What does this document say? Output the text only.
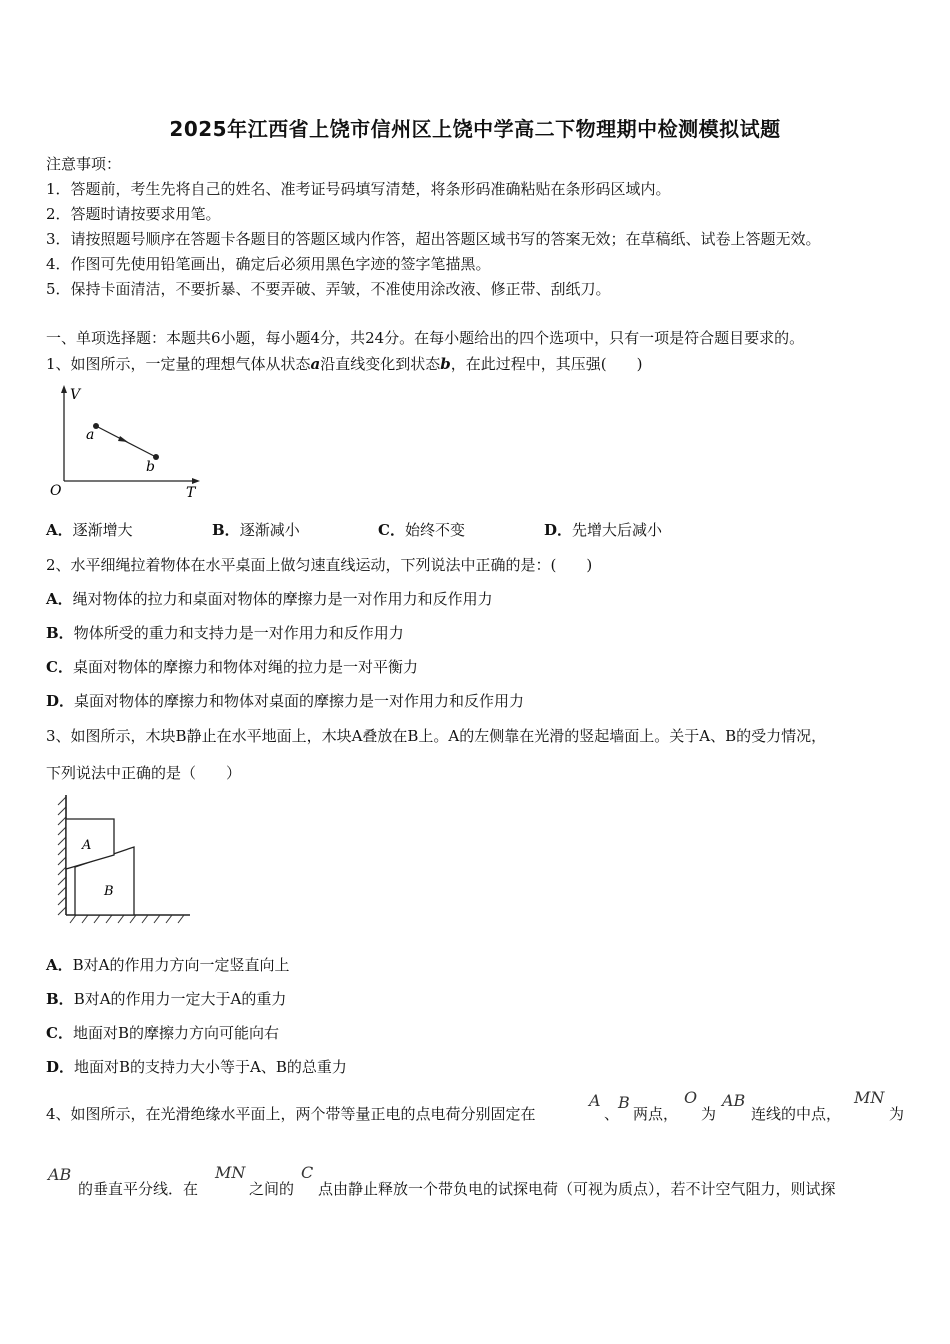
2025年江西省上饶市信州区上饶中学高二下物理期中检测模拟试题
注意事项：
1．答题前，考生先将自己的姓名、准考证号码填写清楚，将条形码准确粘贴在条形码区域内。
2．答题时请按要求用笔。
3．请按照题号顺序在答题卡各题目的答题区域内作答，超出答题区域书写的答案无效；在草稿纸、试卷上答题无效。
4．作图可先使用铅笔画出，确定后必须用黑色字迹的签字笔描黑。
5．保持卡面清洁，不要折暴、不要弄破、弄皱，不准使用涂改液、修正带、刮纸刀。
一、单项选择题：本题共6小题，每小题4分，共24分。在每小题给出的四个选项中，只有一项是符合题目要求的。
1、如图所示，一定量的理想气体从状态a沿直线变化到状态b，在此过程中，其压强(　　)
V
T
O
a
b
A．逐渐增大	B．逐渐减小	C．始终不变	D．先增大后减小
2、水平细绳拉着物体在水平桌面上做匀速直线运动，下列说法中正确的是：(　　)
A．绳对物体的拉力和桌面对物体的摩擦力是一对作用力和反作用力
B．物体所受的重力和支持力是一对作用力和反作用力
C．桌面对物体的摩擦力和物体对绳的拉力是一对平衡力
D．桌面对物体的摩擦力和物体对桌面的摩擦力是一对作用力和反作用力
3、如图所示，木块B静止在水平地面上，木块A叠放在B上。A的左侧靠在光滑的竖起墙面上。关于A、B的受力情况，
下列说法中正确的是（　　）
A
B
A．B对A的作用力方向一定竖直向上
B．B对A的作用力一定大于A的重力
C．地面对B的摩擦力方向可能向右
D．地面对B的支持力大小等于A、B的总重力
4、如图所示，在光滑绝缘水平面上，两个带等量正电的点电荷分别固定在
A
、
B
两点，
O
为
AB
连线的中点，
MN
为
AB
的垂直平分线．在
MN
之间的
C
点由静止释放一个带负电的试探电荷（可视为质点），若不计空气阻力，则试探
